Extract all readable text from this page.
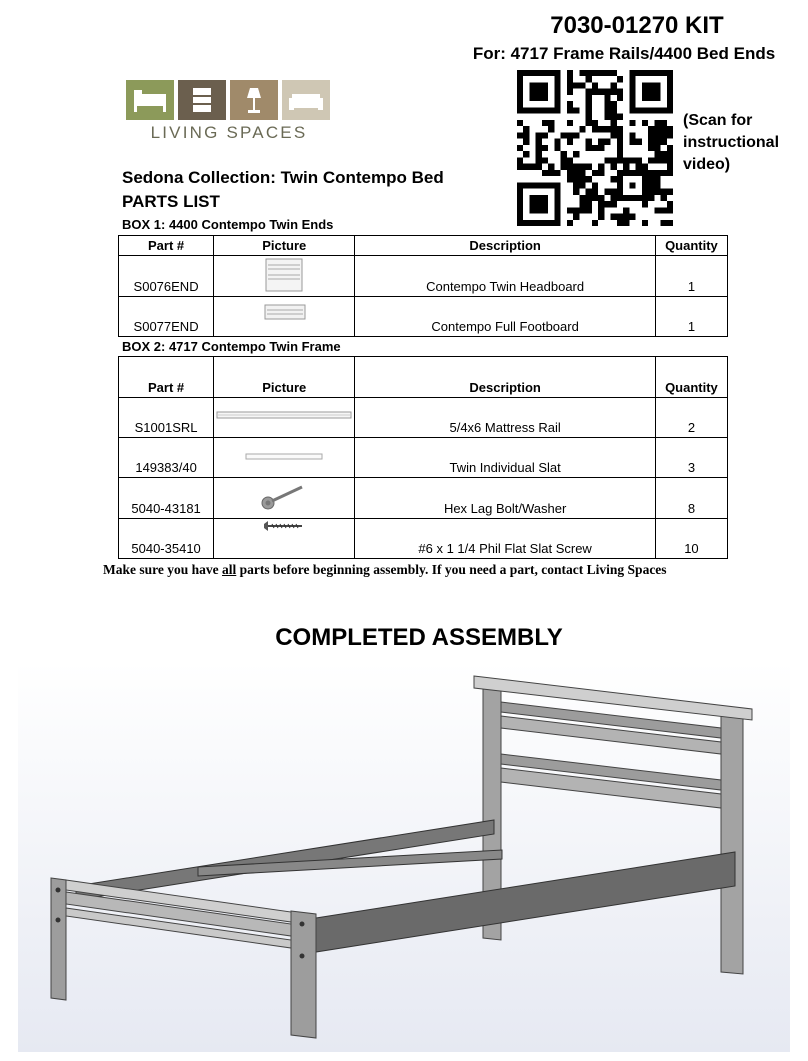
7030-01270 KIT
For: 4717 Frame Rails/4400 Bed Ends
LIVING SPACES
(Scan for instructional video)
Sedona Collection: Twin Contempo Bed
PARTS LIST
BOX 1: 4400 Contempo Twin Ends
Part #	Picture	Description	Quantity
S0076END		Contempo Twin Headboard	1
S0077END		Contempo Full Footboard	1
BOX 2: 4717 Contempo Twin Frame
Part #	Picture	Description	Quantity
S1001SRL		5/4x6 Mattress Rail	2
149383/40		Twin Individual Slat	3
5040-43181		Hex Lag Bolt/Washer	8
5040-35410		#6 x 1 1/4 Phil Flat Slat Screw	10
Make sure you have all parts before beginning assembly. If you need a part, contact Living Spaces
COMPLETED ASSEMBLY
